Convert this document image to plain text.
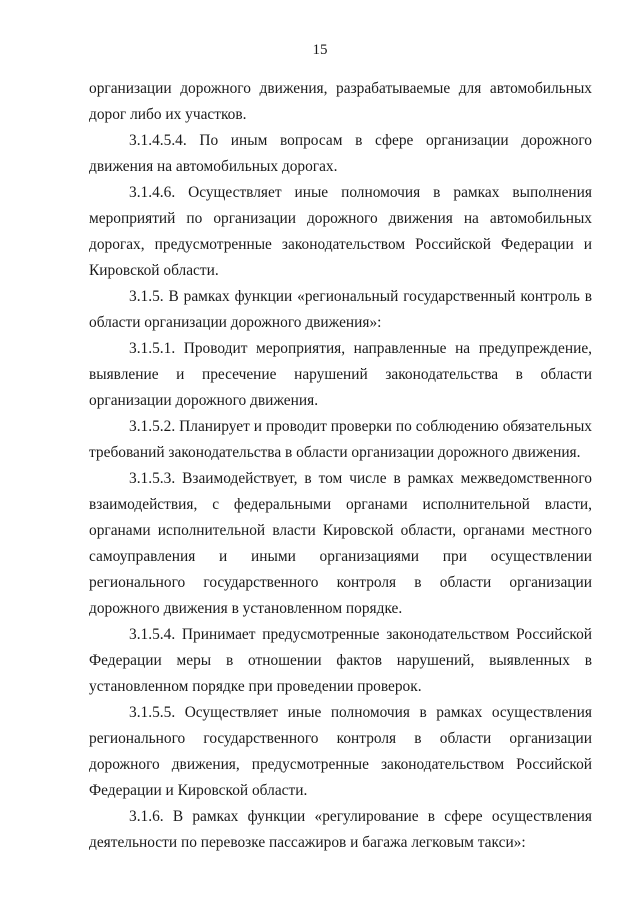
15

организации дорожного движения, разрабатываемые для автомобильных дорог либо их участков.

3.1.4.5.4. По иным вопросам в сфере организации дорожного движения на автомобильных дорогах.

3.1.4.6. Осуществляет иные полномочия в рамках выполнения мероприятий по организации дорожного движения на автомобильных дорогах, предусмотренные законодательством Российской Федерации и Кировской области.

3.1.5. В рамках функции «региональный государственный контроль в области организации дорожного движения»:

3.1.5.1. Проводит мероприятия, направленные на предупреждение, выявление и пресечение нарушений законодательства в области организации дорожного движения.

3.1.5.2. Планирует и проводит проверки по соблюдению обязательных требований законодательства в области организации дорожного движения.

3.1.5.3. Взаимодействует, в том числе в рамках межведомственного взаимодействия, с федеральными органами исполнительной власти, органами исполнительной власти Кировской области, органами местного самоуправления и иными организациями при осуществлении регионального государственного контроля в области организации дорожного движения в установленном порядке.

3.1.5.4. Принимает предусмотренные законодательством Российской Федерации меры в отношении фактов нарушений, выявленных в установленном порядке при проведении проверок.

3.1.5.5. Осуществляет иные полномочия в рамках осуществления регионального государственного контроля в области организации дорожного движения, предусмотренные законодательством Российской Федерации и Кировской области.

3.1.6. В рамках функции «регулирование в сфере осуществления деятельности по перевозке пассажиров и багажа легковым такси»:
